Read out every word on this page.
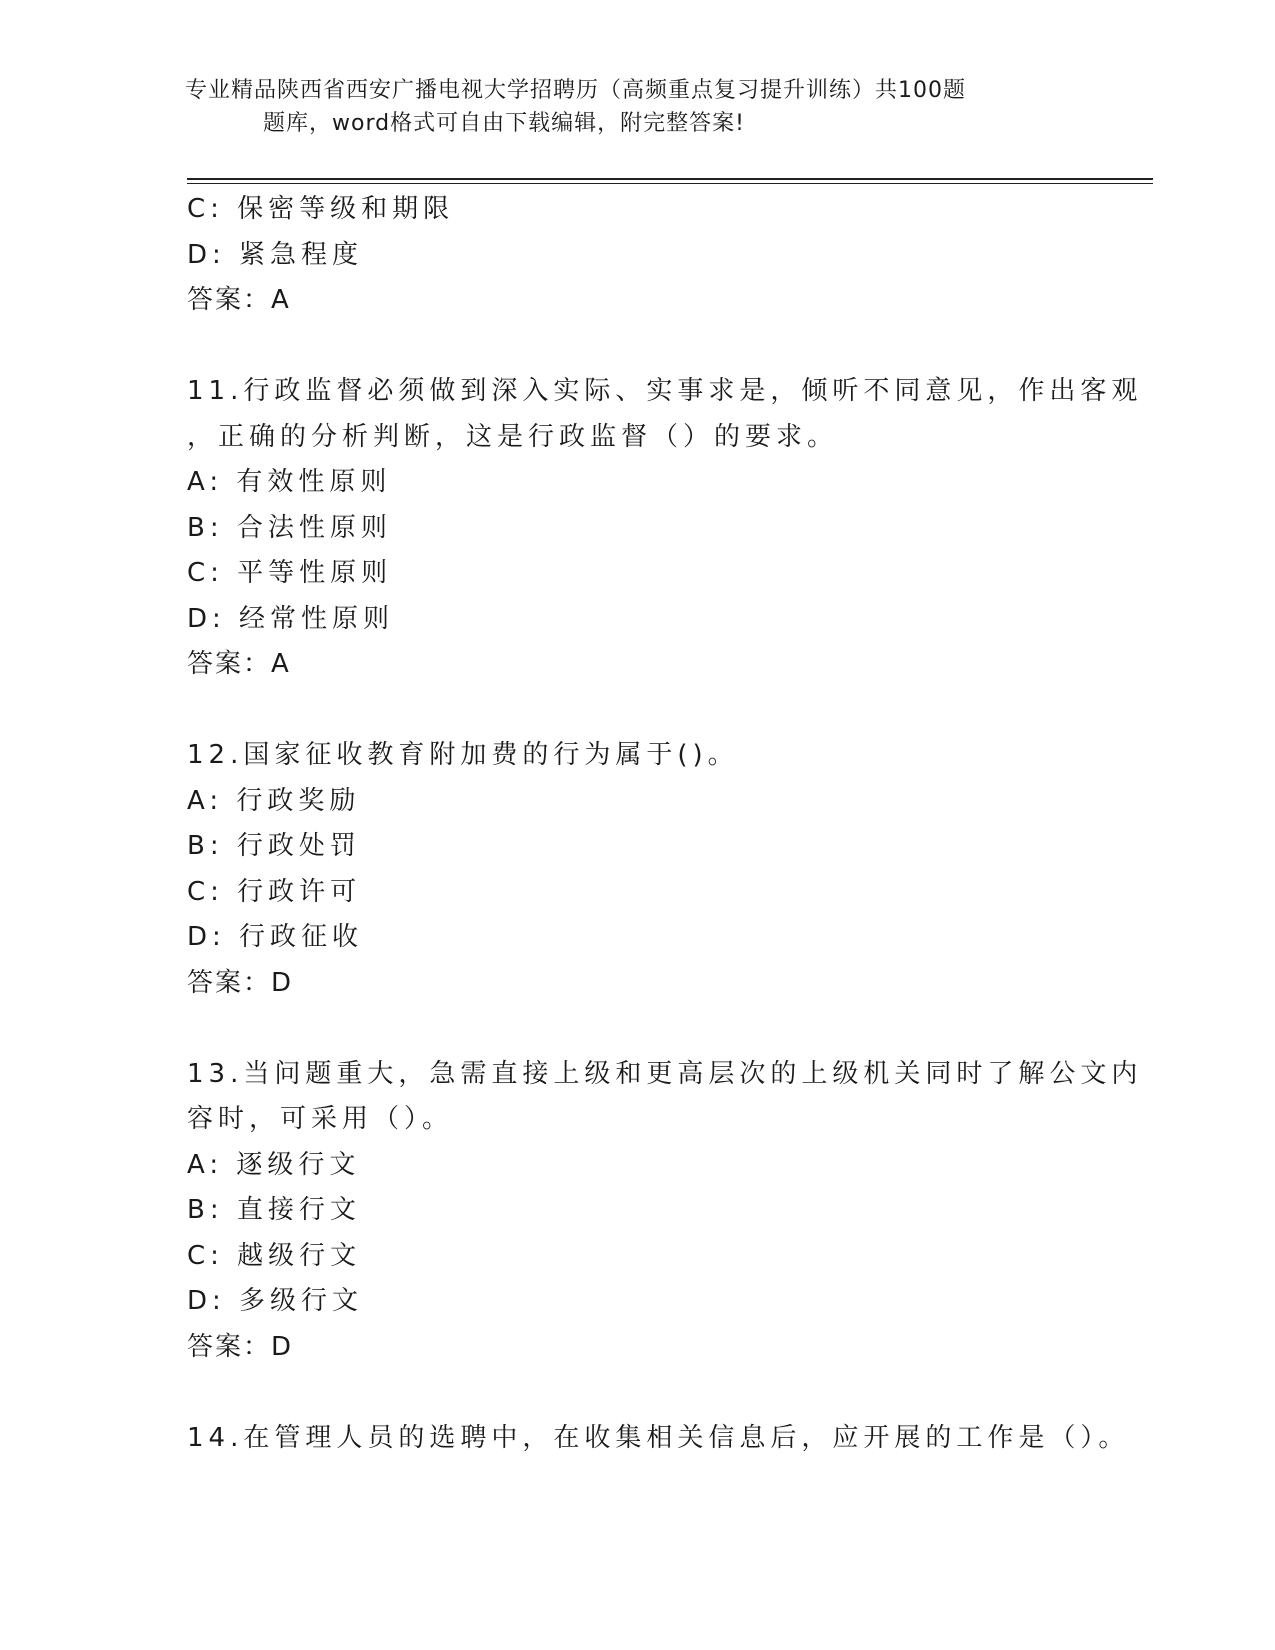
专业精品陕西省西安广播电视大学招聘历（高频重点复习提升训练）共100题
题库，word格式可自由下载编辑，附完整答案!
C: 保密等级和期限
D: 紧急程度
答案：A
11.行政监督必须做到深入实际、实事求是，倾听不同意见，作出客观
，正确的分析判断，这是行政监督（）的要求。
A: 有效性原则
B: 合法性原则
C: 平等性原则
D: 经常性原则
答案：A
12.国家征收教育附加费的行为属于()。
A: 行政奖励
B: 行政处罚
C: 行政许可
D: 行政征收
答案：D
13.当问题重大，急需直接上级和更高层次的上级机关同时了解公文内
容时，可采用（）。
A: 逐级行文
B: 直接行文
C: 越级行文
D: 多级行文
答案：D
14.在管理人员的选聘中，在收集相关信息后，应开展的工作是（）。
